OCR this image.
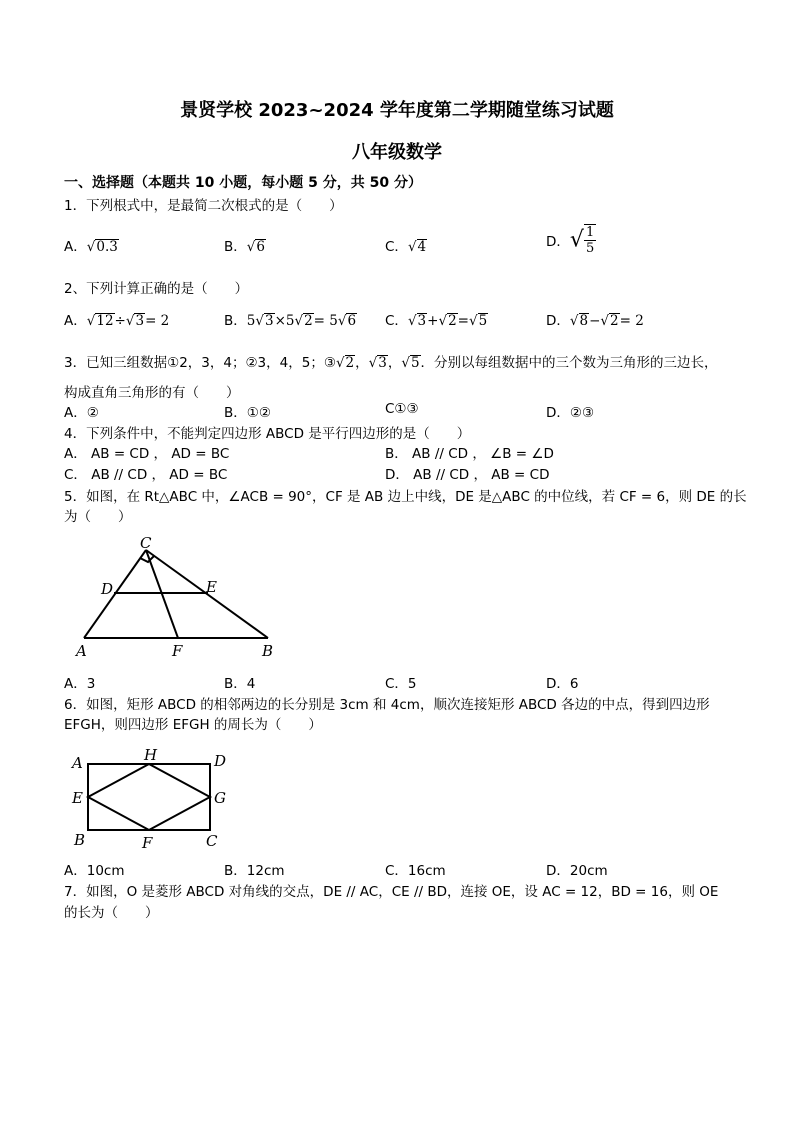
景贤学校 2023~2024 学年度第二学期随堂练习试题
八年级数学
一、选择题（本题共 10 小题，每小题 5 分，共 50 分）
1．下列根式中，是最简二次根式的是（　　）
A．√0.3	B．√6	C．√4	D．√ $\frac{1}{5}$
2、下列计算正确的是（　　）
A．√12÷√3= 2	B．5√3×5√2= 5√6 C．√3+√2=√5	D．√8−√2= 2
3．已知三组数据①2，3，4；②3，4，5；③√2，√3，√5．分别以每组数据中的三个数为三角形的三边长，
构成直角三角形的有（　　）
A．②	B．①②	C①③	D．②③
4．下列条件中，不能判定四边形 ABCD 是平行四边形的是（　　）
A． AB = CD ， AD = BC	B． AB // CD ， ∠B = ∠D
C． AB // CD ， AD = BC	D． AB // CD ， AB = CD
5．如图，在 Rt△ABC 中，∠ACB = 90°，CF 是 AB 边上中线，DE 是△ABC 的中位线，若 CF = 6，则 DE 的长
为（　　）
C
D	E
A	F	B
A．3	B．4	C．5	D．6
6．如图，矩形 ABCD 的相邻两边的长分别是 3cm 和 4cm，顺次连接矩形 ABCD 各边的中点，得到四边形
EFGH，则四边形 EFGH 的周长为（　　）
A	H	D
E	G
B	F	C
A．10cm	B．12cm	C．16cm	D．20cm
7．如图，O 是菱形 ABCD 对角线的交点，DE // AC，CE // BD，连接 OE，设 AC = 12，BD = 16，则 OE
的长为（　　）
